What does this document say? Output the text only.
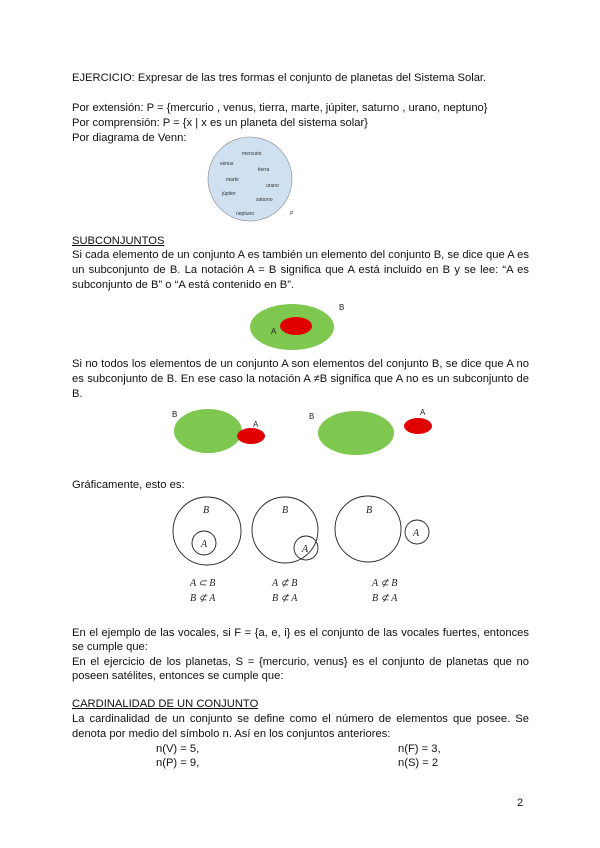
EJERCICIO: Expresar de las tres formas el conjunto de planetas del Sistema Solar.
Por extensión: P = {mercurio , venus, tierra, marte, júpiter, saturno , urano, neptuno}
Por comprensión: P = {x | x es un planeta del sistema solar}
Por diagrama de Venn:
mercurio
venus
tierra
marte
urano
júpiter
saturno
neptuno	P
SUBCONJUNTOS
Si cada elemento de un conjunto A es también un elemento del conjunto B, se dice que A es
un subconjunto de B. La notación A = B significa que A está incluido en B y se lee: “A es
subconjunto de B” o “A está contenido en B”.
A
B
Si no todos los elementos de un conjunto A son elementos del conjunto B, se dice que A no
es subconjunto de B. En ese caso la notación A ≠B significa que A no es un subconjunto de
B.
B
A
B	A
Gráficamente, esto es:
B
A
A ⊂ B
B ⊄ A
B
A
A ⊄ B
B ⊄ A
B
A
A ⊄ B
B ⊄ A
En el ejemplo de las vocales, si F = {a, e, i} es el conjunto de las vocales fuertes, entonces
se cumple que:
En el ejercicio de los planetas, S = {mercurio, venus} es el conjunto de planetas que no
poseen satélites, entonces se cumple que:
CARDINALIDAD DE UN CONJUNTO
La cardinalidad de un conjunto se define como el número de elementos que posee. Se
denota por medio del símbolo n. Así en los conjuntos anteriores:
n(V) = 5,	n(F) = 3,
n(P) = 9,	n(S) = 2
2
